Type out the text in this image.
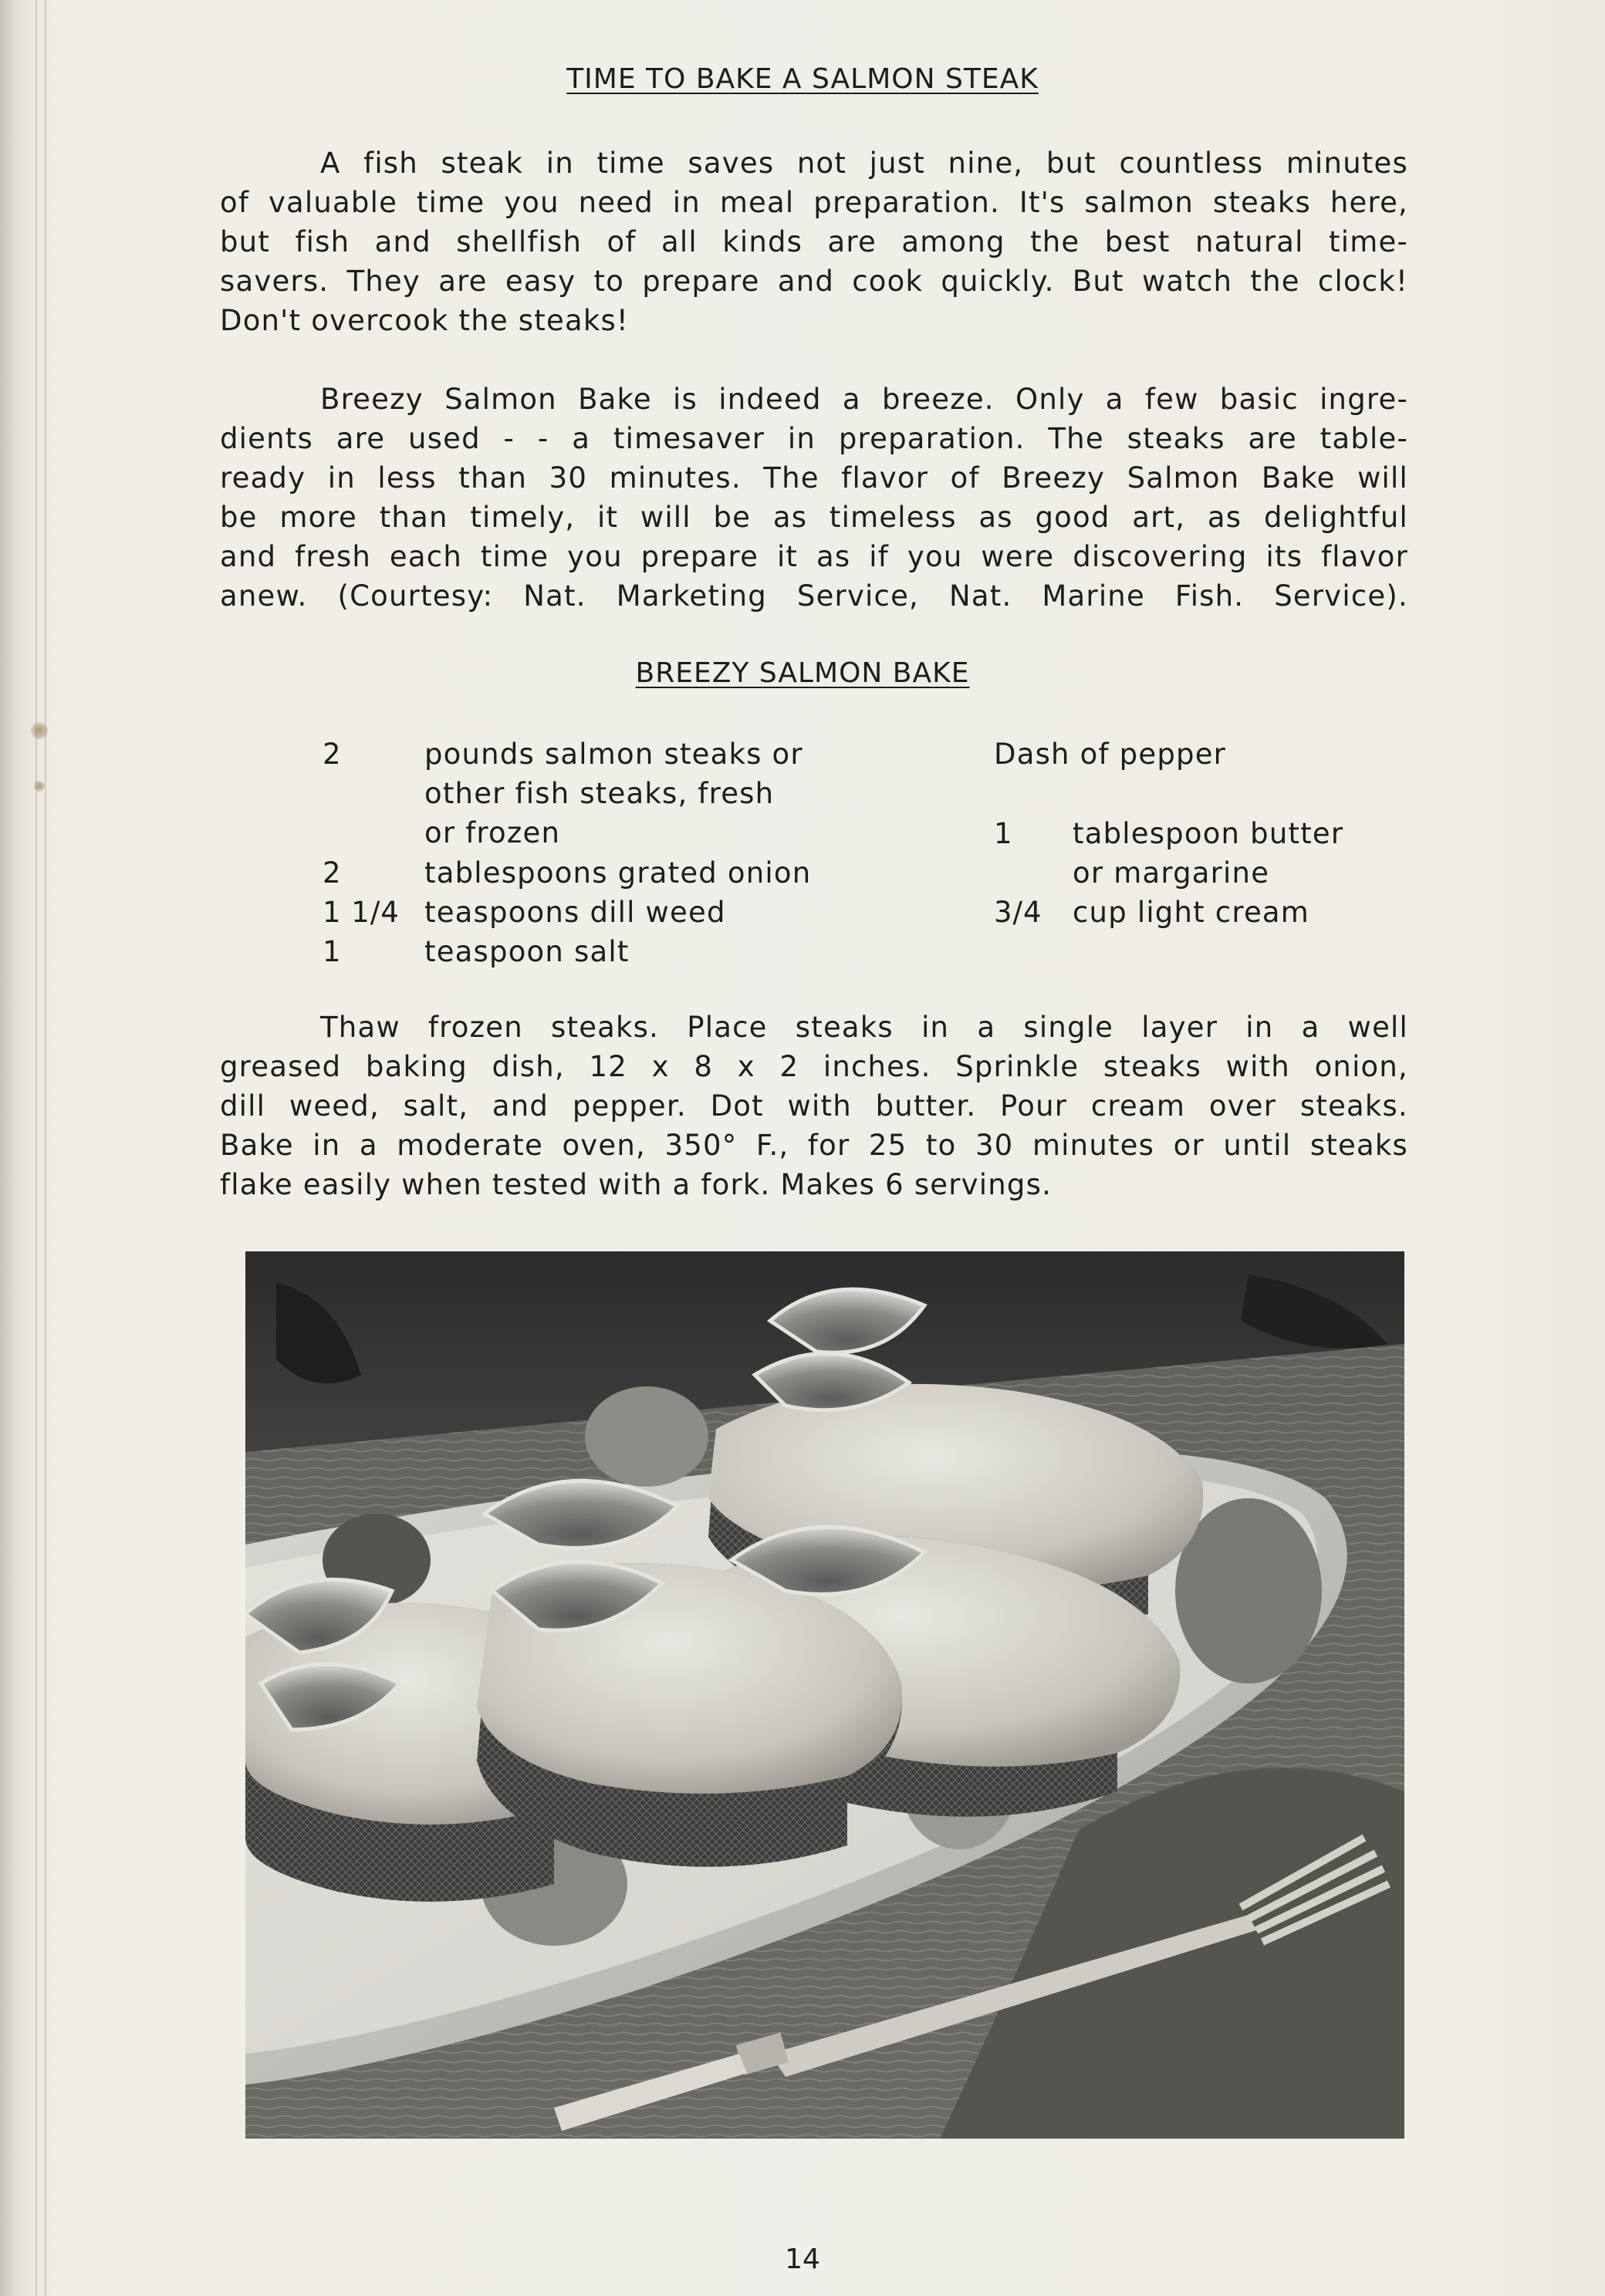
TIME TO BAKE A SALMON STEAK
A fish steak in time saves not just nine, but countless minutes
of valuable time you need in meal preparation. It's salmon steaks here,
but fish and shellfish of all kinds are among the best natural time-
savers. They are easy to prepare and cook quickly. But watch the clock!
Don't overcook the steaks!
Breezy Salmon Bake is indeed a breeze. Only a few basic ingre-
dients are used - - a timesaver in preparation. The steaks are table-
ready in less than 30 minutes. The flavor of Breezy Salmon Bake will
be more than timely, it will be as timeless as good art, as delightful
and fresh each time you prepare it as if you were discovering its flavor
anew. (Courtesy: Nat. Marketing Service, Nat. Marine Fish. Service).
BREEZY SALMON BAKE
2	pounds salmon steaks or
other fish steaks, fresh
or frozen
2	tablespoons grated onion
1 1/4 teaspoons dill weed
1	teaspoon salt
Dash of pepper
1 tablespoon butter
or margarine
3/4 cup light cream
Thaw frozen steaks. Place steaks in a single layer in a well
greased baking dish, 12 x 8 x 2 inches. Sprinkle steaks with onion,
dill weed, salt, and pepper. Dot with butter. Pour cream over steaks.
Bake in a moderate oven, 350° F., for 25 to 30 minutes or until steaks
flake easily when tested with a fork. Makes 6 servings.
14
